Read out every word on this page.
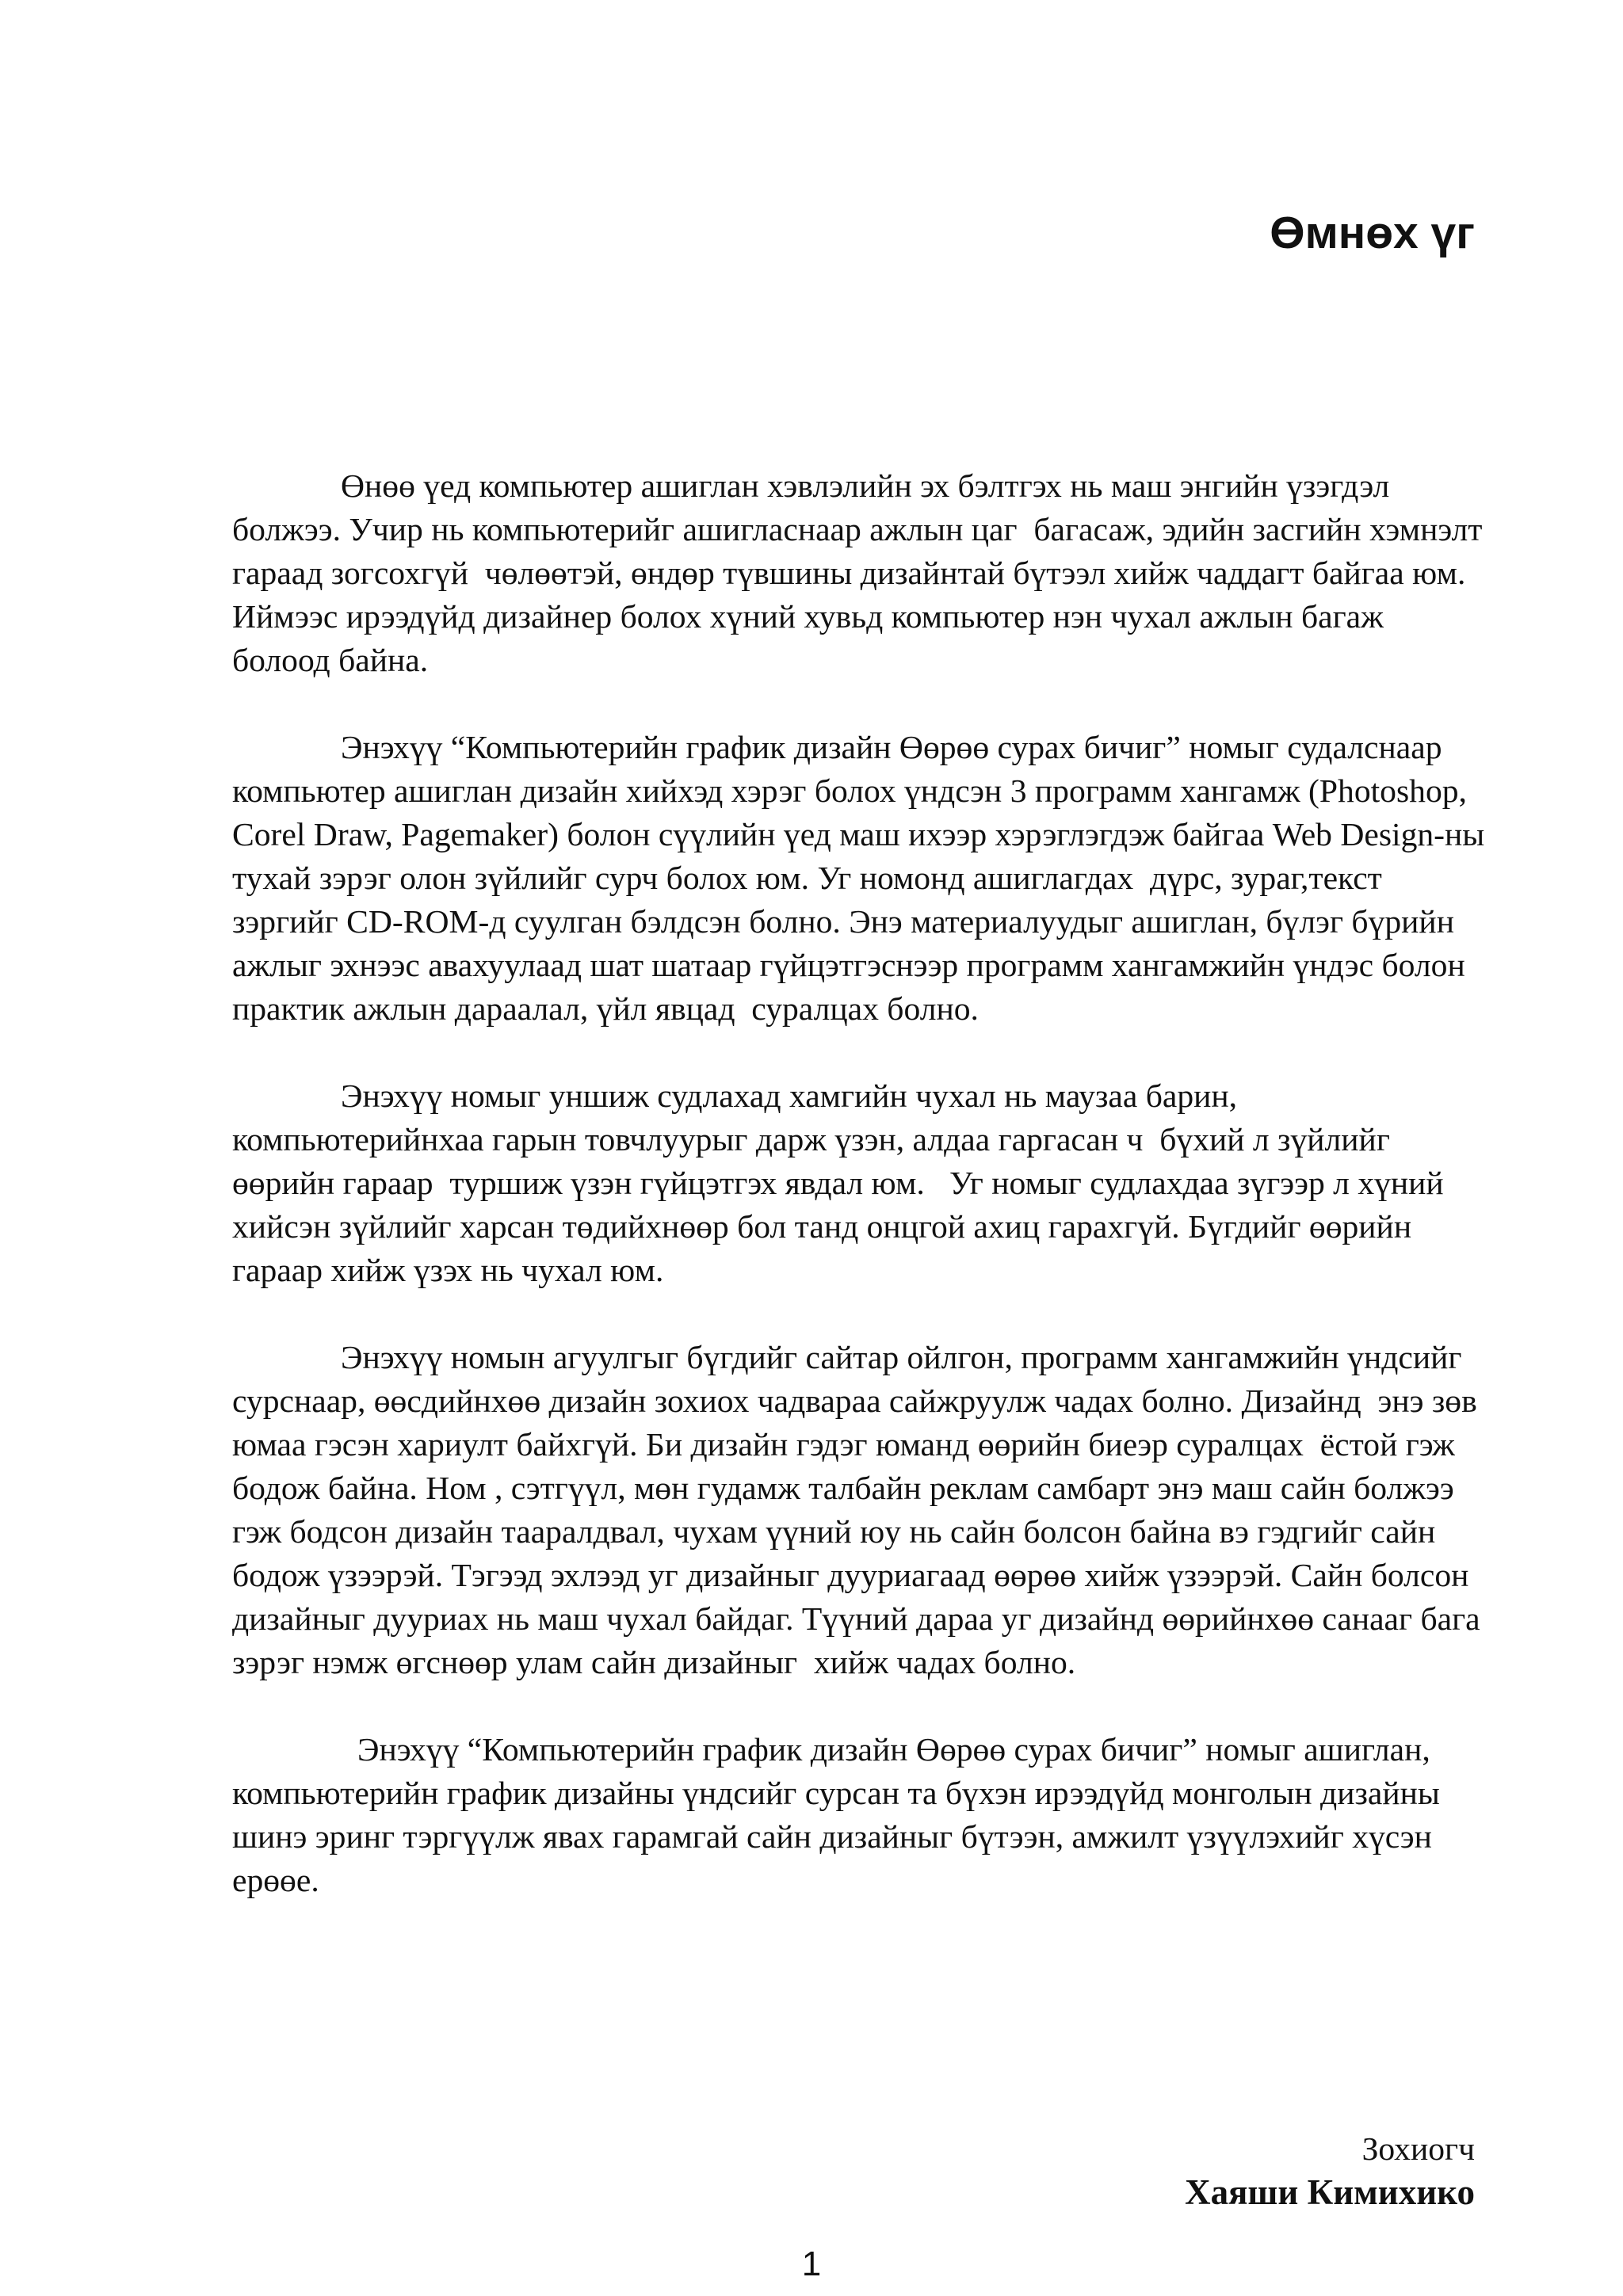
Өмнөх үг

Өнөө үед компьютер ашиглан хэвлэлийн эх бэлтгэх нь маш энгийн үзэгдэл болжээ. Учир нь компьютерийг ашигласнаар ажлын цаг  багасаж, эдийн засгийн хэмнэлт гараад зогсохгүй  чөлөөтэй, өндөр түвшины дизайнтай бүтээл хийж чаддагт байгаа юм. Иймээс ирээдүйд дизайнер болох хүний хувьд компьютер нэн чухал ажлын багаж болоод байна.

Энэхүү “Компьютерийн график дизайн Өөрөө сурах бичиг” номыг судалснаар компьютер ашиглан дизайн хийхэд хэрэг болох үндсэн 3 программ хангамж (Photoshop, Corel Draw, Pagemaker) болон сүүлийн үед маш ихээр хэрэглэгдэж байгаа Web Design-ны тухай зэрэг олон зүйлийг сурч болох юм. Уг номонд ашиглагдах  дүрс, зураг,текст зэргийг CD-ROM-д суулган бэлдсэн болно. Энэ материалуудыг ашиглан, бүлэг бүрийн ажлыг эхнээс авахуулаад шат шатаар гүйцэтгэснээр программ хангамжийн үндэс болон практик ажлын дараалал, үйл явцад  суралцах болно.

Энэхүү номыг уншиж судлахад хамгийн чухал нь маузаа барин, компьютерийнхаа гарын товчлуурыг дарж үзэн, алдаа гаргасан ч  бүхий л зүйлийг өөрийн гараар  туршиж үзэн гүйцэтгэх явдал юм.   Уг номыг судлахдаа зүгээр л хүний хийсэн зүйлийг харсан төдийхнөөр бол танд онцгой ахиц гарахгүй. Бүгдийг өөрийн гараар хийж үзэх нь чухал юм.

Энэхүү номын агуулгыг бүгдийг сайтар ойлгон, программ хангамжийн үндсийг сурснаар, өөсдийнхөө дизайн зохиох чадвараа сайжруулж чадах болно. Дизайнд  энэ зөв юмаа гэсэн хариулт байхгүй. Би дизайн гэдэг юманд өөрийн биеэр суралцах  ёстой гэж бодож байна. Ном , сэтгүүл, мөн гудамж талбайн реклам самбарт энэ маш сайн болжээ гэж бодсон дизайн тааралдвал, чухам үүний юу нь сайн болсон байна вэ гэдгийг сайн бодож үзээрэй. Тэгээд эхлээд уг дизайныг дууриагаад өөрөө хийж үзээрэй. Сайн болсон дизайныг дууриах нь маш чухал байдаг. Түүний дараа уг дизайнд өөрийнхөө санааг бага зэрэг нэмж өгснөөр улам сайн дизайныг  хийж чадах болно.

Энэхүү “Компьютерийн график дизайн Өөрөө сурах бичиг” номыг ашиглан, компьютерийн график дизайны үндсийг сурсан та бүхэн ирээдүйд монголын дизайны шинэ эринг тэргүүлж явах гарамгай сайн дизайныг бүтээн, амжилт үзүүлэхийг хүсэн ерөөе.

Зохиогч
Хаяши Кимихико
1
